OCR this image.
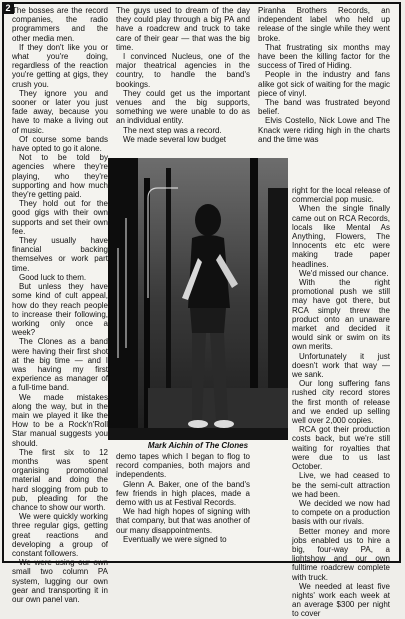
2 The bosses are the record companies, the radio programmers and the other media men.

If they don't like you or what you're doing, regardless of the reaction you're getting at gigs, they crush you.

They ignore you and sooner or later you just fade away, because you have to make a living out of music.

Of course some bands have opted to go it alone.

Not to be told by agencies where they're playing, who they're supporting and how much they're getting paid.

They hold out for the good gigs with their own supports and set their own fee.

They usually have financial backing themselves or work part time.

Good luck to them.

But unless they have some kind of cult appeal, how do they reach people to increase their following, working only once a week?

The Clones as a band were having their first shot at the big time — and I was having my first experience as manager of a full-time band.

We made mistakes along the way, but in the main we played it like the How to be a Rock'n'Roll Star manual suggests you should.

The first six to 12 months was spent organising promotional material and doing the hard slogging from pub to pub, pleading for the chance to show our worth.

We were quickly working three regular gigs, getting great reactions and developing a group of constant followers.

We were using our own small two column PA system, lugging our own gear and transporting it in our own panel van.

The guys used to dream of the day they could play through a big PA and have a roadcrew and truck to take care of their gear — that was the big time.

I convinced Nucleus, one of the major theatrical agencies in the country, to handle the band's bookings.

They could get us the important venues and the big supports, something we were unable to do as an individual entity.

The next step was a record.

We made several low budget

Mark Aichin of The Clones

demo tapes which I began to flog to record companies, both majors and independents.

Glenn A. Baker, one of the band's few friends in high places, made a demo with us at Festival Records.

We had high hopes of signing with that company, but that was another of our many disappointments.

Eventually we were signed to

Piranha Brothers Records, an independent label who held up release of the single while they went broke.

That frustrating six months may have been the killing factor for the success of Tired of Hiding.

People in the industry and fans alike got sick of waiting for the magic piece of vinyl.

The band was frustrated beyond belief.

Elvis Costello, Nick Lowe and The Knack were riding high in the charts and the time was

right for the local release of commercial pop music.

When the single finally came out on RCA Records, locals like Mental As Anything, Flowers, The Innocents etc etc were making trade paper headlines.

We'd missed our chance.

With the right promotional push we still may have got there, but RCA simply threw the product onto an unaware market and decided it would sink or swim on its own merits.

Unfortunately it just doesn't work that way — we sank.

Our long suffering fans rushed city record stores the first month of release and we ended up selling well over 2,000 copies.

RCA got their production costs back, but we're still waiting for royalties that were due to us last October.

Live, we had ceased to be the semi-cult attraction we had been.

We decided we now had to compete on a production basis with our rivals.

Better money and more jobs enabled us to hire a big, four-way PA, a lightshow and our own fulltime roadcrew complete with truck.

We needed at least five nights' work each week at an average $300 per night to cover
